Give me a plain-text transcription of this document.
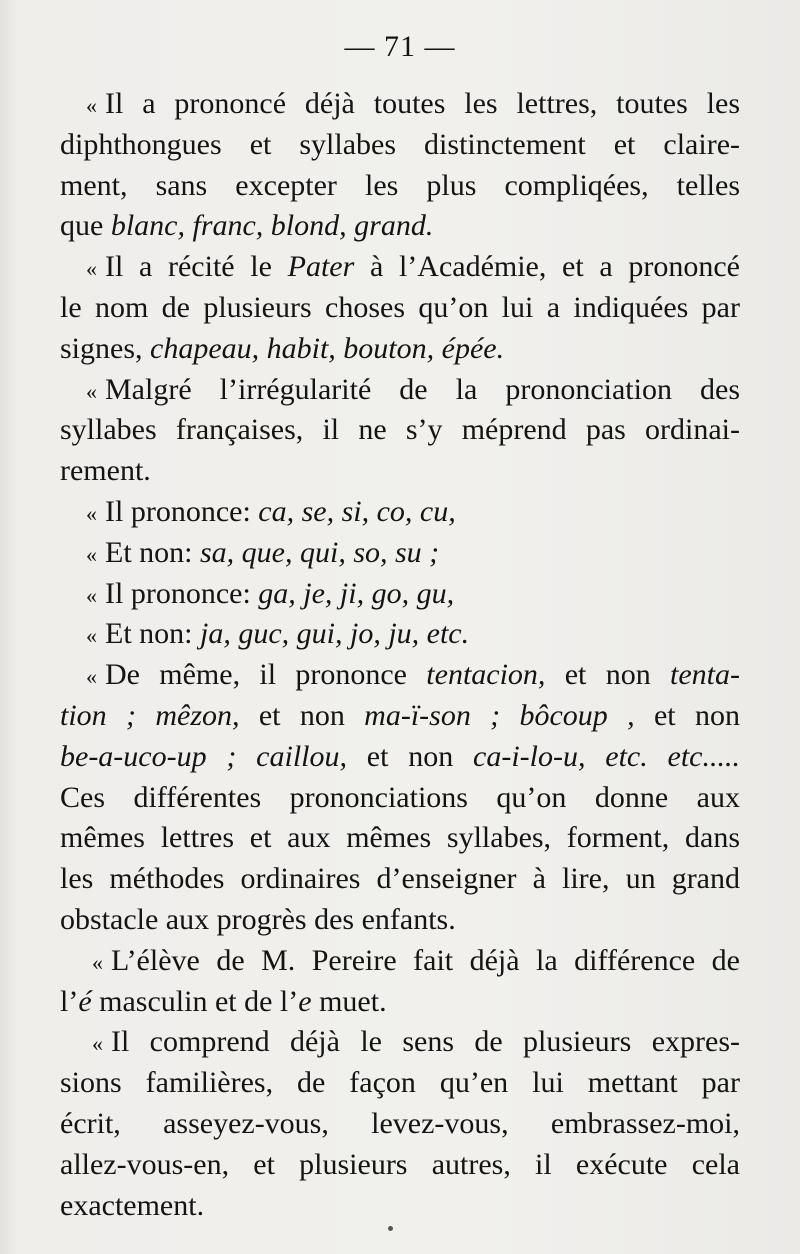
— 71 —
« Il a prononcé déjà toutes les lettres, toutes les
diphthongues et syllabes distinctement et claire-
ment, sans excepter les plus compliqées, telles
que blanc, franc, blond, grand.
« Il a récité le Pater à l’Académie, et a prononcé
le nom de plusieurs choses qu’on lui a indiquées par
signes, chapeau, habit, bouton, épée.
« Malgré l’irrégularité de la prononciation des
syllabes françaises, il ne s’y méprend pas ordinai-
rement.
« Il prononce: ca, se, si, co, cu,
« Et non: sa, que, qui, so, su ;
« Il prononce: ga, je, ji, go, gu,
« Et non: ja, guc, gui, jo, ju, etc.
« De même, il prononce tentacion, et non tenta-
tion ; mêzon, et non ma-ï-son ; bôcoup , et non
be-a-uco-up ; caillou, et non ca-i-lo-u, etc. etc.....
Ces différentes prononciations qu’on donne aux
mêmes lettres et aux mêmes syllabes, forment, dans
les méthodes ordinaires d’enseigner à lire, un grand
obstacle aux progrès des enfants.
« L’élève de M. Pereire fait déjà la différence de
l’é masculin et de l’e muet.
« Il comprend déjà le sens de plusieurs expres-
sions familières, de façon qu’en lui mettant par
écrit, asseyez-vous, levez-vous, embrassez-moi,
allez-vous-en, et plusieurs autres, il exécute cela
exactement.
